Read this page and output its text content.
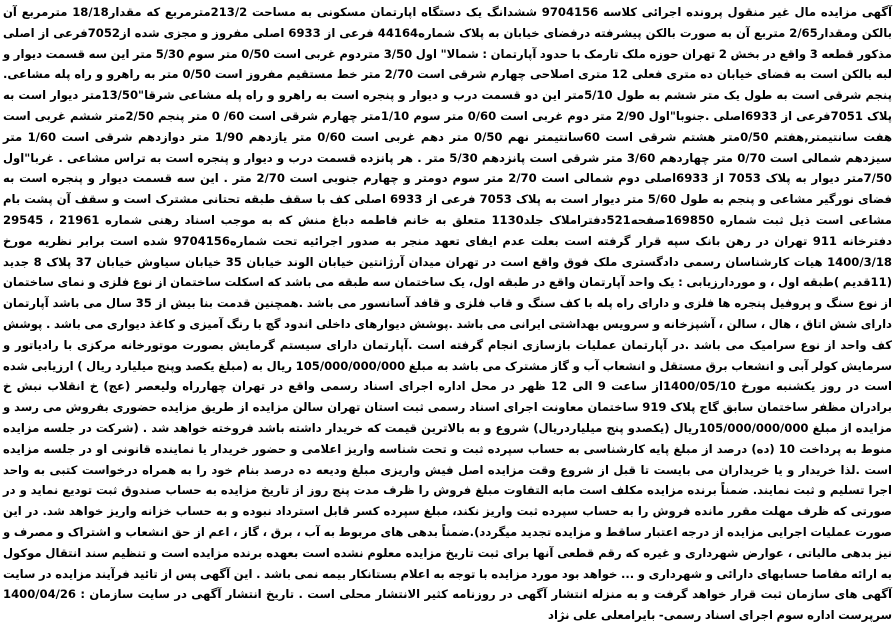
آگهی مزایده مال غیر منقول پرونده اجرائی کلاسه 9704156 ششدانگ یک دستگاه اپارتمان مسکونی به مساحت 213/2مترمربع که مقدار18/18 مترمربع آن بالکن ومقدار2/65 متربع آن به صورت بالکن پیشرفته درفضای خیابان به پلاک شماره44164 فرعی از 6933 اصلی مفروز و مجزی شده از7052فرعی از اصلی مذکور قطعه 3 واقع در بخش 2 تهران حوزه ملک تارمک با حدود آپارتمان : شمالا" اول 3/50 متردوم غربی است 0/50 متر سوم 5/30 متر این سه قسمت دیوار و لبه بالکن است به فضای خیابان ده متری فعلی 12 متری اصلاحی چهارم شرقی است 2/70 متر خط مستقیم مفروز است 0/50 متر به راهرو و راه پله مشاعی. پنجم شرقی است به طول یک متر ششم به طول 5/10متر این دو قسمت درب و دیوار و پنجره است به راهرو و راه پله مشاعی شرقا"13/50متر دیوار است به پلاک 7051فرعی از 6933اصلی .جنوبا"اول 2/90 متر دوم غربی است 0/60 متر سوم 1/10متر چهارم شرقی است 60/ 0 متر پنجم 2/50متر ششم غربی است هفت سانتیمتر,هفتم 0/50متر هشتم شرقی است 60سانتیمتر نهم 0/50 متر دهم غربی است 0/60 متر یازدهم 1/90 متر دوازدهم شرقی است 1/60 متر سیزدهم شمالی است 0/70 متر چهاردهم 3/60 متر شرقی است پانزدهم 5/30 متر . هر پانزده قسمت درب و دیوار و پنجره است به تراس مشاعی . غربا"اول 7/50متر دیوار به پلاک 7053 از 6933اصلی دوم شمالی است 2/70 متر سوم دومتر و چهارم جنوبی است 2/70 متر . این سه قسمت دیوار و پنجره است به فضای نورگیر مشاعی و پنجم به طول 5/60 متر دیوار است به پلاک 7053 فرعی از 6933 اصلی کف با سقف طبقه تحتانی مشترک است و سقف آن پشت بام مشاعی است ذیل ثبت شماره 169850صفحه521دفتراملاک جلد1130 متعلق به خانم فاطمه دباغ منش که به موجب اسناد رهنی شماره 21961 ، 29545 دفترخانه 911 تهران در رهن بانک سپه قرار گرفته است بعلت عدم ایفای تعهد منجر به صدور اجرائیه تحت شماره9704156 شده است برابر نظریه مورخ 1400/3/18 هیات کارشناسان رسمی دادگستری ملک فوق واقع است در تهران میدان آرژانتین خیابان الوند خیابان 35 خیابان سیاوش خیابان 37 پلاک 8 جدید (11قدیم )طبقه اول ، و موردارزیابی : یک واحد آپارتمان واقع در طبقه اول، یک ساختمان سه طبقه می باشد که اسکلت ساختمان از نوع فلزی و نمای ساختمان از نوع سنگ و پروفیل پنجره ها فلزی و دارای راه پله با کف سنگ و قاب فلزی و قافد آسانسور می باشد .همچنین قدمت بنا بیش از 35 سال می باشد آپارتمان دارای شش اتاق ، هال ، سالن ، آشپزخانه و سرویس بهداشتی ایرانی می باشد .پوشش دیوارهای داخلی اندود گچ با رنگ آمیزی و کاغذ دیواری می باشد . پوشش کف واحد از نوع سرامیک می باشد .در آپارتمان عملیات بازسازی انجام گرفته است .آپارتمان دارای سیستم گرمایش بصورت موتورخانه مرکزی با رادیاتور و سرمایش کولر آبی و انشعاب برق مستقل و انشعاب آب و گاز مشترک می باشد به مبلغ 105/000/000/000 ریال به (مبلغ یکصد وپنج میلیارد ریال ) ارزیابی شده است در روز یکشنبه مورخ 1400/05/10از ساعت 9 الی 12 ظهر در محل اداره اجرای اسناد رسمی واقع در تهران چهارراه ولیعصر (عج) خ انقلاب نبش خ برادران مظفر ساختمان سابق گاج پلاک 919 ساختمان معاونت اجرای اسناد رسمی ثبت استان تهران سالن مزایده از طریق مزایده حضوری بفروش می رسد و مزایده از مبلغ 105/000/000/000ریال (یکصدو پنج میلیاردریال) شروع و به بالاترین قیمت که خریدار داشته باشد فروخته خواهد شد . (شرکت در جلسه مزایده منوط به پرداخت 10 (ده) درصد از مبلغ پایه کارشناسی به حساب سپرده ثبت و تحت شناسه واریز اعلامی و حضور خریدار یا نماینده قانونی او در جلسه مزایده است .لذا خریدار و یا خریداران می بایست تا قبل از شروع وقت مزایده اصل فیش واریزی مبلغ ودیعه ده درصد بنام خود را به همراه درخواست کتبی به واحد اجرا تسلیم و ثبت نمایند. ضمناً برنده مزایده مکلف است مابه التفاوت مبلغ فروش را ظرف مدت پنج روز از تاریخ مزایده به حساب صندوق ثبت تودیع نماید و در صورتی که ظرف مهلت مقرر مانده فروش را به حساب سپرده ثبت واریز نکند، مبلغ سپرده کسر قابل استرداد نبوده و به حساب خزانه واریز خواهد شد. در این صورت عملیات اجرایی مزایده از درجه اعتبار ساقط و مزایده تجدید میگردد).ضمناً بدهی های مربوط به آب ، برق ، گاز ، اعم از حق انشعاب و اشتراک و مصرف و نیز بدهی مالیاتی ، عوارض شهرداری و غیره که رقم قطعی آنها برای ثبت تاریخ مزایده معلوم نشده است بعهده برنده مزایده است و تنظیم سند انتقال موکول به ارائه مفاصا حسابهای دارائی و شهرداری و ... خواهد بود مورد مزایده با توجه به اعلام بستانکار بیمه نمی باشد . این آگهی پس از تائید فرآیند مزایده در سایت آگهی های سازمان ثبت قرار خواهد گرفت و به منزله انتشار آگهی در روزنامه کثیر الانتشار محلی است . تاریخ انتشار آگهی در سایت سازمان : 1400/04/26 سرپرست اداره سوم اجرای اسناد رسمی- بایرامعلی علی نژاد
